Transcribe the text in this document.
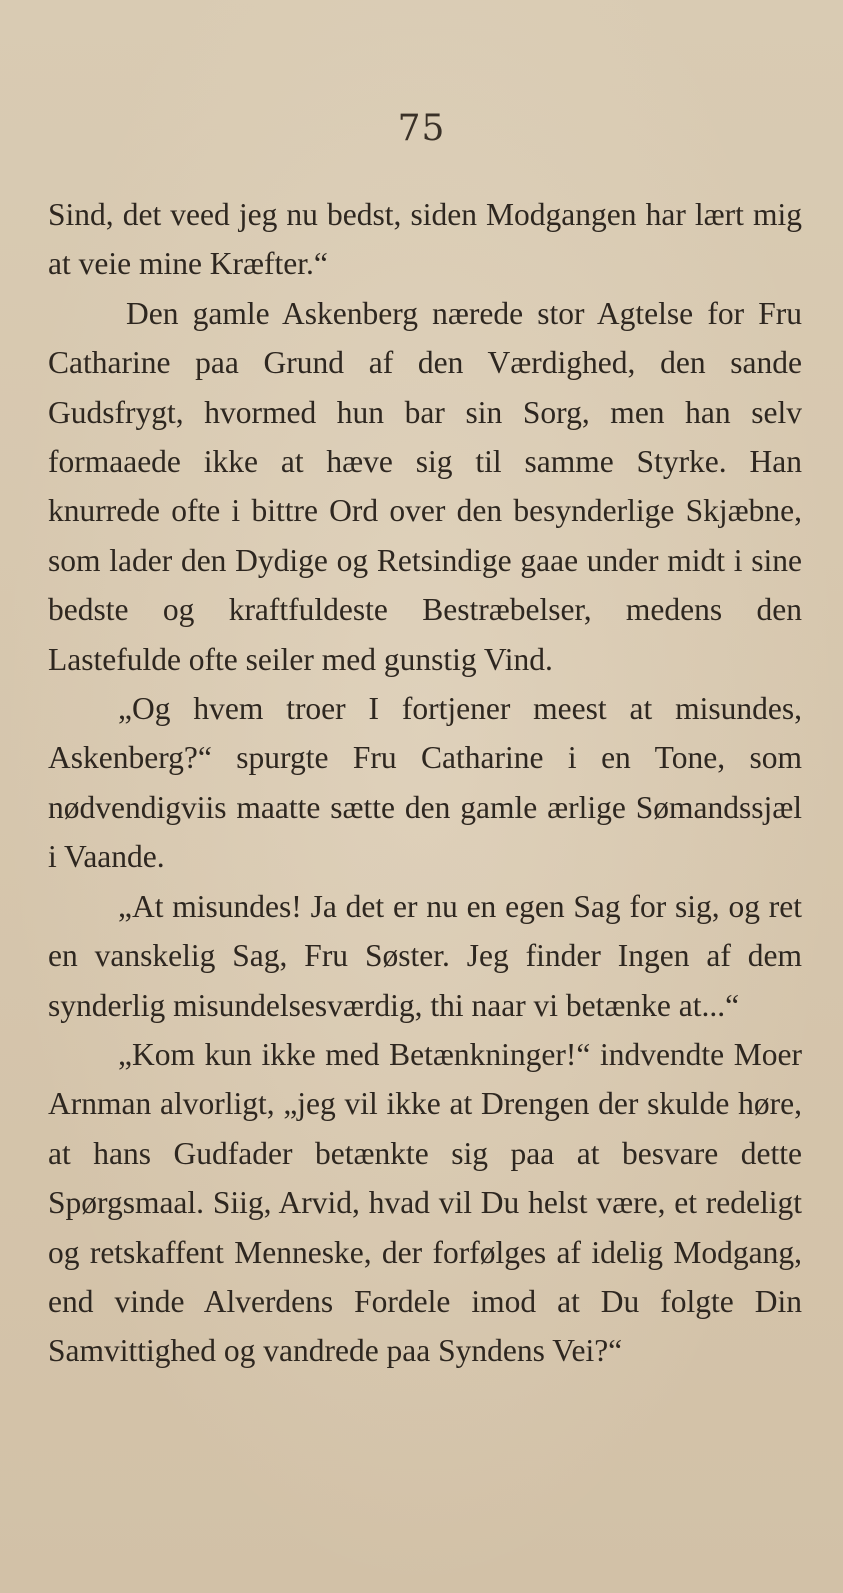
75

Sind, det veed jeg nu bedst, siden Modgangen har lært mig at veie mine Kræfter.“

Den gamle Askenberg nærede stor Agtelse for Fru Catharine paa Grund af den Værdighed, den sande Gudsfrygt, hvormed hun bar sin Sorg, men han selv formaaede ikke at hæve sig til samme Styrke. Han knurrede ofte i bittre Ord over den besynderlige Skjæbne, som lader den Dydige og Retsindige gaae under midt i sine bedste og kraftfuldeste Bestræbelser, medens den Lastefulde ofte seiler med gunstig Vind.

„Og hvem troer I fortjener meest at misundes, Askenberg?“ spurgte Fru Catharine i en Tone, som nødvendigviis maatte sætte den gamle ærlige Sømandssjæl i Vaande.

„At misundes! Ja det er nu en egen Sag for sig, og ret en vanskelig Sag, Fru Søster. Jeg finder Ingen af dem synderlig misundelsesværdig, thi naar vi betænke at...“

„Kom kun ikke med Betænkninger!“ indvendte Moer Arnman alvorligt, „jeg vil ikke at Drengen der skulde høre, at hans Gudfader betænkte sig paa at besvare dette Spørgsmaal. Siig, Arvid, hvad vil Du helst være, et redeligt og retskaffent Menneske, der forfølges af idelig Modgang, end vinde Alverdens Fordele imod at Du folgte Din Samvittighed og vandrede paa Syndens Vei?“
